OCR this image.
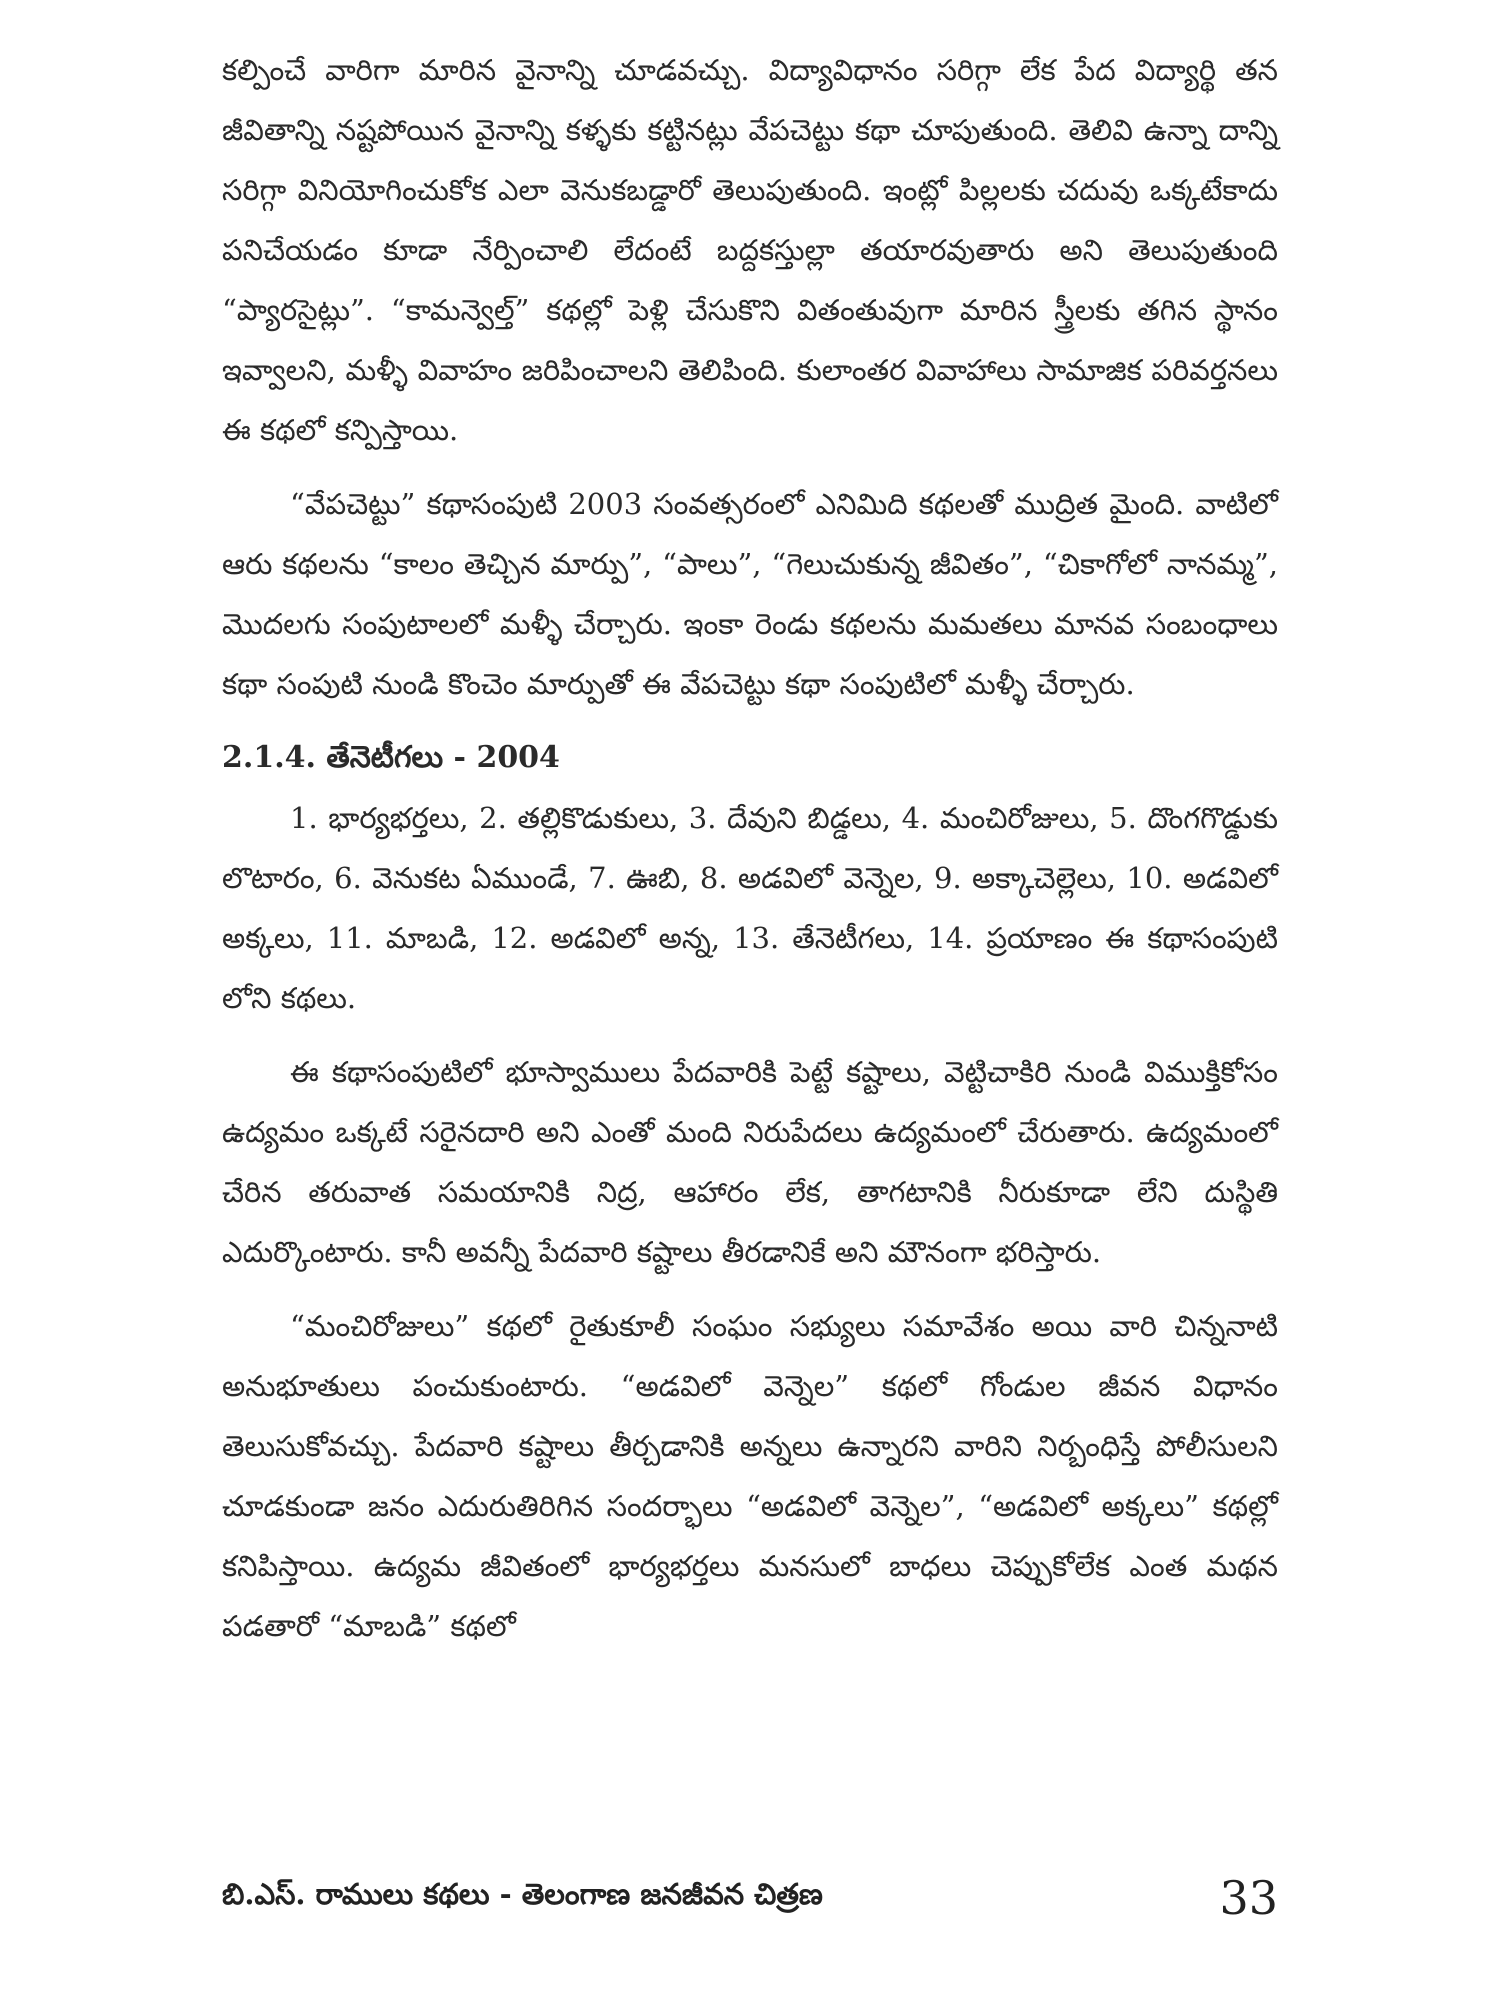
కల్పించే వారిగా మారిన వైనాన్ని చూడవచ్చు. విద్యావిధానం సరిగ్గా లేక పేద విద్యార్థి తన జీవితాన్ని నష్టపోయిన వైనాన్ని కళ్ళకు కట్టినట్లు వేపచెట్టు కథా చూపుతుంది. తెలివి ఉన్నా దాన్ని సరిగ్గా వినియోగించుకోక ఎలా వెనుకబడ్డారో తెలుపుతుంది. ఇంట్లో పిల్లలకు చదువు ఒక్కటేకాదు పనిచేయడం కూడా నేర్పించాలి లేదంటే బద్దకస్తుల్లా తయారవుతారు అని తెలుపుతుంది “ప్యారసైట్లు”. “కామన్వెల్త్” కథల్లో పెళ్లి చేసుకొని వితంతువుగా మారిన స్త్రీలకు తగిన స్థానం ఇవ్వాలని, మళ్ళీ వివాహం జరిపించాలని తెలిపింది. కులాంతర వివాహాలు సామాజిక పరివర్తనలు ఈ కథలో కన్పిస్తాయి.

“వేపచెట్టు” కథాసంపుటి 2003 సంవత్సరంలో ఎనిమిది కథలతో ముద్రిత మైంది. వాటిలో ఆరు కథలను “కాలం తెచ్చిన మార్పు”, “పాలు”, “గెలుచుకున్న జీవితం”, “చికాగోలో నానమ్మ”, మొదలగు సంపుటాలలో మళ్ళీ చేర్చారు. ఇంకా రెండు కథలను మమతలు మానవ సంబంధాలు కథా సంపుటి నుండి కొంచెం మార్పుతో ఈ వేపచెట్టు కథా సంపుటిలో మళ్ళీ చేర్చారు.

2.1.4. తేనెటీగలు - 2004

1. భార్యభర్తలు, 2. తల్లికొడుకులు, 3. దేవుని బిడ్డలు, 4. మంచిరోజులు, 5. దొంగగొడ్డుకు లొటారం, 6. వెనుకట ఏముండే, 7. ఊబి, 8. అడవిలో వెన్నెల, 9. అక్కాచెల్లెలు, 10. అడవిలో అక్కలు, 11. మాబడి, 12. అడవిలో అన్న, 13. తేనెటీగలు, 14. ప్రయాణం ఈ కథాసంపుటి లోని కథలు.

ఈ కథాసంపుటిలో భూస్వాములు పేదవారికి పెట్టే కష్టాలు, వెట్టిచాకిరి నుండి విముక్తికోసం ఉద్యమం ఒక్కటే సరైనదారి అని ఎంతో మంది నిరుపేదలు ఉద్యమంలో చేరుతారు. ఉద్యమంలో చేరిన తరువాత సమయానికి నిద్ర, ఆహారం లేక, తాగటానికి నీరుకూడా లేని దుస్థితి ఎదుర్కొంటారు. కానీ అవన్నీ పేదవారి కష్టాలు తీరడానికే అని మౌనంగా భరిస్తారు.

“మంచిరోజులు” కథలో రైతుకూలీ సంఘం సభ్యులు సమావేశం అయి వారి చిన్ననాటి అనుభూతులు పంచుకుంటారు. “అడవిలో వెన్నెల” కథలో గోండుల జీవన విధానం తెలుసుకోవచ్చు. పేదవారి కష్టాలు తీర్చడానికి అన్నలు ఉన్నారని వారిని నిర్బంధిస్తే పోలీసులని చూడకుండా జనం ఎదురుతిరిగిన సందర్భాలు “అడవిలో వెన్నెల”, “అడవిలో అక్కలు” కథల్లో కనిపిస్తాయి. ఉద్యమ జీవితంలో భార్యభర్తలు మనసులో బాధలు చెప్పుకోలేక ఎంత మథన పడతారో “మాబడి” కథలో

బి.ఎస్. రాములు కథలు - తెలంగాణ జనజీవన చిత్రణ	33
